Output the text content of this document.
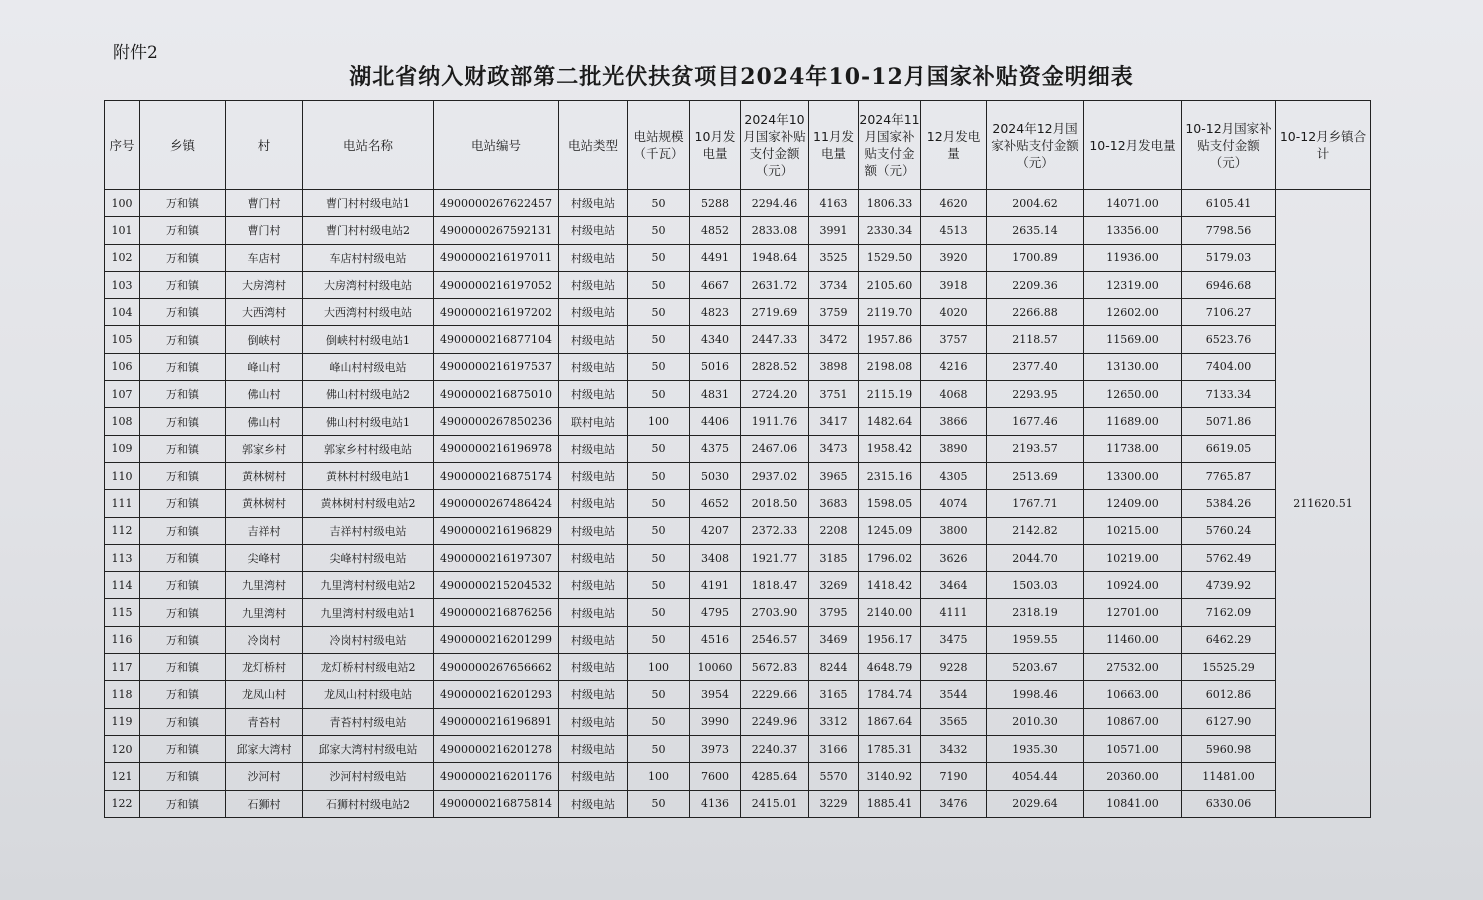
附件2
湖北省纳入财政部第二批光伏扶贫项目2024年10-12月国家补贴资金明细表
序号	乡镇	村	电站名称	电站编号	电站类型	电站规模（千瓦）	10月发电量	2024年10月国家补贴支付金额（元）	11月发电量	2024年11月国家补贴支付金额（元）	12月发电量	2024年12月国家补贴支付金额（元）	10-12月发电量	10-12月国家补贴支付金额（元）	10-12月乡镇合计
100	万和镇	曹门村	曹门村村级电站1	4900000267622457	村级电站	50	5288	2294.46	4163	1806.33	4620	2004.62	14071.00	6105.41	211620.51
101	万和镇	曹门村	曹门村村级电站2	4900000267592131	村级电站	50	4852	2833.08	3991	2330.34	4513	2635.14	13356.00	7798.56	
102	万和镇	车店村	车店村村级电站	4900000216197011	村级电站	50	4491	1948.64	3525	1529.50	3920	1700.89	11936.00	5179.03	
103	万和镇	大房湾村	大房湾村村级电站	4900000216197052	村级电站	50	4667	2631.72	3734	2105.60	3918	2209.36	12319.00	6946.68	
104	万和镇	大西湾村	大西湾村村级电站	4900000216197202	村级电站	50	4823	2719.69	3759	2119.70	4020	2266.88	12602.00	7106.27	
105	万和镇	倒峡村	倒峡村村级电站1	4900000216877104	村级电站	50	4340	2447.33	3472	1957.86	3757	2118.57	11569.00	6523.76	
106	万和镇	峰山村	峰山村村级电站	4900000216197537	村级电站	50	5016	2828.52	3898	2198.08	4216	2377.40	13130.00	7404.00	
107	万和镇	佛山村	佛山村村级电站2	4900000216875010	村级电站	50	4831	2724.20	3751	2115.19	4068	2293.95	12650.00	7133.34	
108	万和镇	佛山村	佛山村村级电站1	4900000267850236	联村电站	100	4406	1911.76	3417	1482.64	3866	1677.46	11689.00	5071.86	
109	万和镇	郭家乡村	郭家乡村村级电站	4900000216196978	村级电站	50	4375	2467.06	3473	1958.42	3890	2193.57	11738.00	6619.05	
110	万和镇	黄林树村	黄林村村级电站1	4900000216875174	村级电站	50	5030	2937.02	3965	2315.16	4305	2513.69	13300.00	7765.87	
111	万和镇	黄林树村	黄林树村村级电站2	4900000267486424	村级电站	50	4652	2018.50	3683	1598.05	4074	1767.71	12409.00	5384.26	
112	万和镇	吉祥村	吉祥村村级电站	4900000216196829	村级电站	50	4207	2372.33	2208	1245.09	3800	2142.82	10215.00	5760.24	
113	万和镇	尖峰村	尖峰村村级电站	4900000216197307	村级电站	50	3408	1921.77	3185	1796.02	3626	2044.70	10219.00	5762.49	
114	万和镇	九里湾村	九里湾村村级电站2	4900000215204532	村级电站	50	4191	1818.47	3269	1418.42	3464	1503.03	10924.00	4739.92	
115	万和镇	九里湾村	九里湾村村级电站1	4900000216876256	村级电站	50	4795	2703.90	3795	2140.00	4111	2318.19	12701.00	7162.09	
116	万和镇	冷岗村	冷岗村村级电站	4900000216201299	村级电站	50	4516	2546.57	3469	1956.17	3475	1959.55	11460.00	6462.29	
117	万和镇	龙灯桥村	龙灯桥村村级电站2	4900000267656662	村级电站	100	10060	5672.83	8244	4648.79	9228	5203.67	27532.00	15525.29	
118	万和镇	龙凤山村	龙凤山村村级电站	4900000216201293	村级电站	50	3954	2229.66	3165	1784.74	3544	1998.46	10663.00	6012.86	
119	万和镇	青苔村	青苔村村级电站	4900000216196891	村级电站	50	3990	2249.96	3312	1867.64	3565	2010.30	10867.00	6127.90	
120	万和镇	邱家大湾村	邱家大湾村村级电站	4900000216201278	村级电站	50	3973	2240.37	3166	1785.31	3432	1935.30	10571.00	5960.98	
121	万和镇	沙河村	沙河村村级电站	4900000216201176	村级电站	100	7600	4285.64	5570	3140.92	7190	4054.44	20360.00	11481.00	
122	万和镇	石狮村	石狮村村级电站2	4900000216875814	村级电站	50	4136	2415.01	3229	1885.41	3476	2029.64	10841.00	6330.06	
